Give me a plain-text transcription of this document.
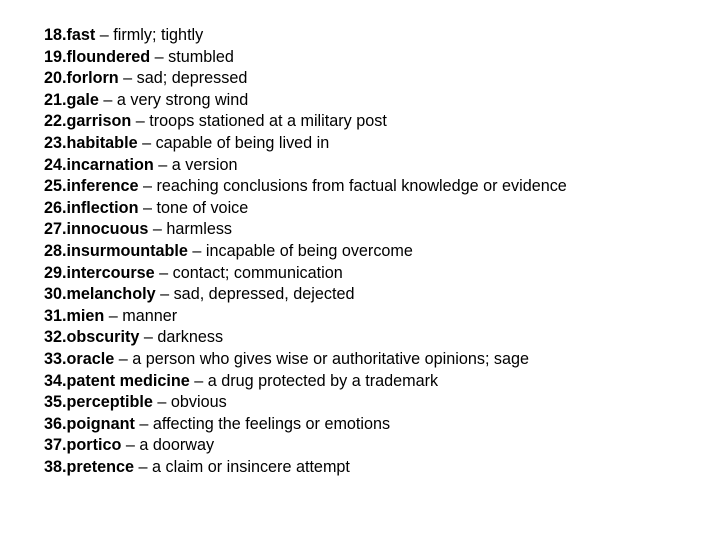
18.fast – firmly; tightly
19.floundered – stumbled
20.forlorn – sad; depressed
21.gale – a very strong wind
22.garrison – troops stationed at a military post
23.habitable – capable of being lived in
24.incarnation – a version
25.inference – reaching conclusions from factual knowledge or evidence
26.inflection – tone of voice
27.innocuous – harmless
28.insurmountable – incapable of being overcome
29.intercourse – contact; communication
30.melancholy – sad, depressed, dejected
31.mien – manner
32.obscurity – darkness
33.oracle – a person who gives wise or authoritative opinions; sage
34.patent medicine – a drug protected by a trademark
35.perceptible – obvious
36.poignant – affecting the feelings or emotions
37.portico – a doorway
38.pretence – a claim or insincere attempt
